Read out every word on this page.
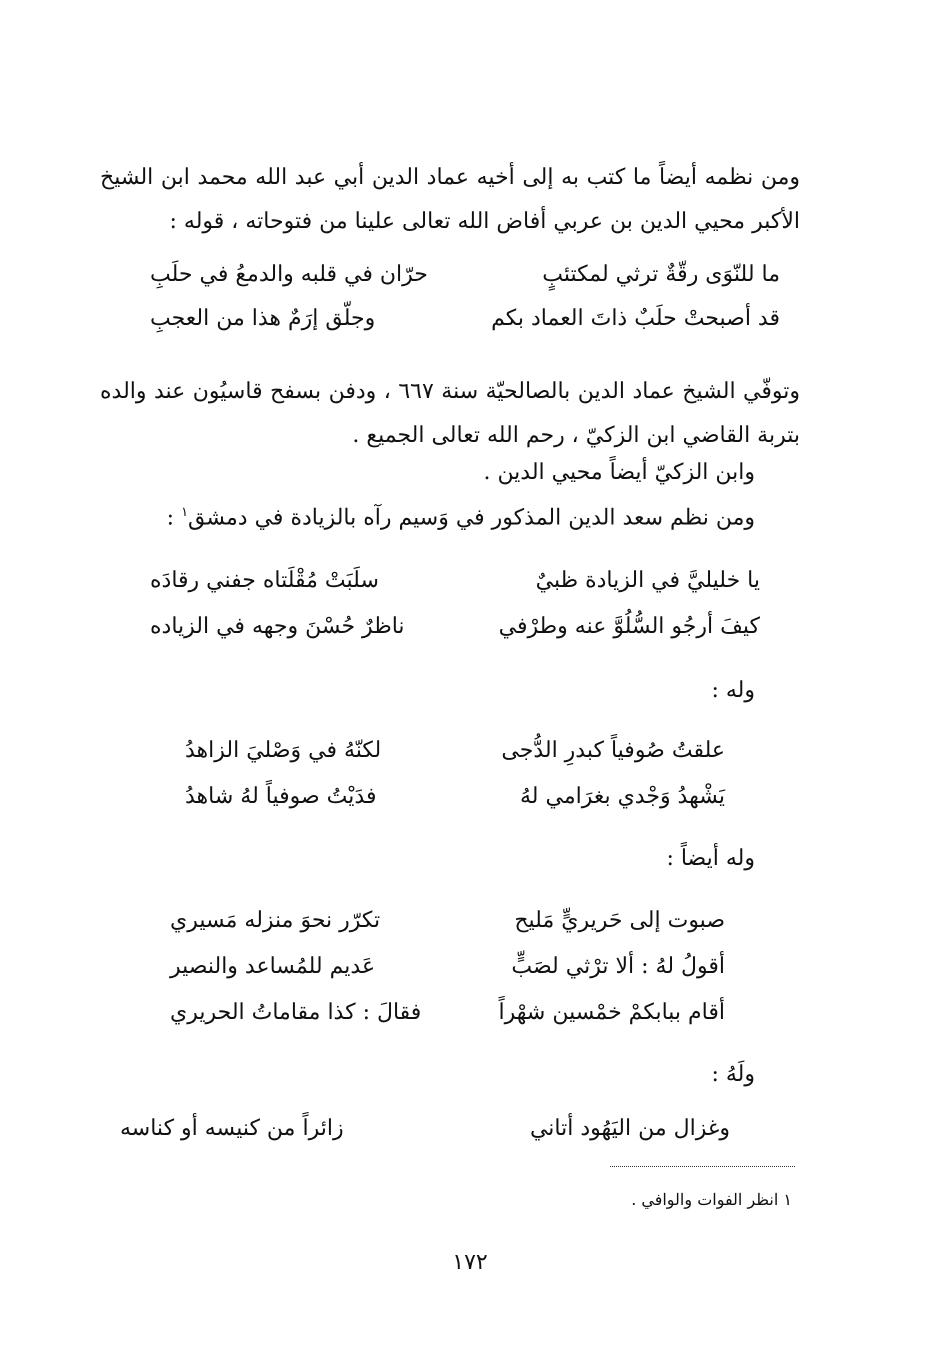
ومن نظمه أيضاً ما كتب به إلى أخيه عماد الدين أبي عبد الله محمد ابن الشيخ الأكبر محيي الدين بن عربي أفاض الله تعالى علينا من فتوحاته ، قوله :
ما للنّوَى رقّةٌ ترثي لمكتئبٍ
حرّان في قلبه والدمعُ في حلَبِ
قد أصبحتْ حلَبٌ ذاتَ العماد بكم
وجلّق إرَمٌ هذا من العجبِ
وتوفّي الشيخ عماد الدين بالصالحيّة سنة ٦٦٧ ، ودفن بسفح قاسيُون عند والده بتربة القاضي ابن الزكيّ ، رحم الله تعالى الجميع .
وابن الزكيّ أيضاً محيي الدين .
ومن نظم سعد الدين المذكور في وَسيم رآه بالزيادة في دمشق$^١$ :
يا خليليَّ في الزيادة ظبيٌ
سلَبَتْ مُقْلَتاه جفني رقادَه
كيفَ أرجُو السُّلُوَّ عنه وطرْفي
ناظرٌ حُسْنَ وجهه في الزياده
وله :
علقتُ صُوفياً كبدرِ الدُّجى
لكنّهُ في وَصْليَ الزاهدُ
يَشْهدُ وَجْدي بغرَامي لهُ
فدَيْتُ صوفياً لهُ شاهدُ
وله أيضاً :
صبوت إلى حَريريٍّ مَليح
تكرّر نحوَ منزله مَسيري
أقولُ لهُ : ألا ترْثي لصَبٍّ
عَديم للمُساعد والنصير
أقام ببابكمْ خمْسين شهْراً
فقالَ : كذا مقاماتُ الحريري
ولَهُ :
وغزال من اليَهُود أتاني
زائراً من كنيسه أو كناسه
١ انظر الفوات والوافي .
١٧٢
